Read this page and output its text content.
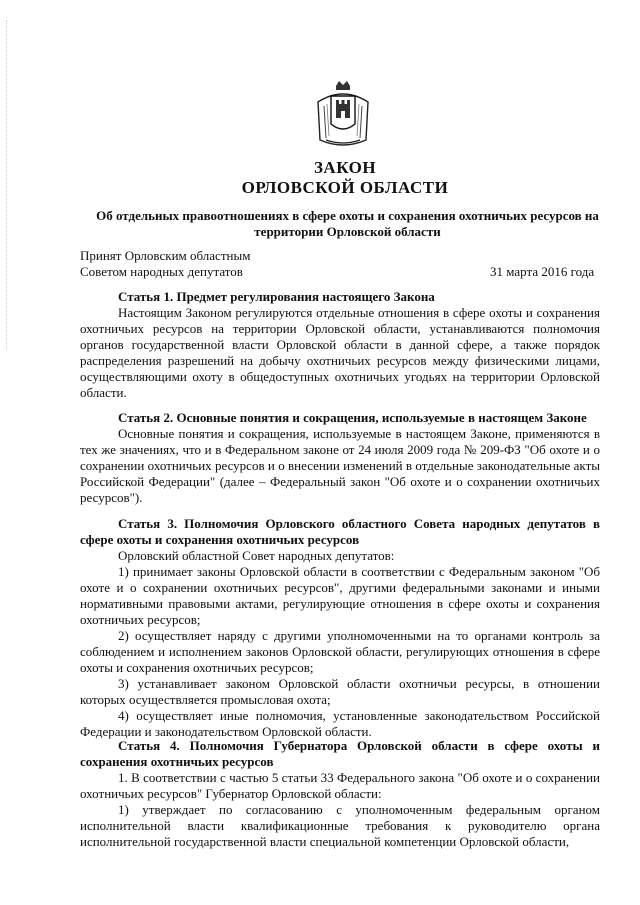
ЗАКОН
ОРЛОВСКОЙ ОБЛАСТИ
Об отдельных правоотношениях в сфере охоты и сохранения охотничьих ресурсов на территории Орловской области
Принят Орловским областным
Советом народных депутатов	31 марта 2016 года
Статья 1. Предмет регулирования настоящего Закона

Настоящим Законом регулируются отдельные отношения в сфере охоты и сохранения охотничьих ресурсов на территории Орловской области, устанавливаются полномочия органов государственной власти Орловской области в данной сфере, а также порядок распределения разрешений на добычу охотничьих ресурсов между физическими лицами, осуществляющими охоту в общедоступных охотничьих угодьях на территории Орловской области.

Статья 2. Основные понятия и сокращения, используемые в настоящем Законе

Основные понятия и сокращения, используемые в настоящем Законе, применяются в тех же значениях, что и в Федеральном законе от 24 июля 2009 года № 209-ФЗ "Об охоте и о сохранении охотничьих ресурсов и о внесении изменений в отдельные законодательные акты Российской Федерации" (далее – Федеральный закон "Об охоте и о сохранении охотничьих ресурсов").

Статья 3. Полномочия Орловского областного Совета народных депутатов в сфере охоты и сохранения охотничьих ресурсов

Орловский областной Совет народных депутатов:

1) принимает законы Орловской области в соответствии с Федеральным законом "Об охоте и о сохранении охотничьих ресурсов", другими федеральными законами и иными нормативными правовыми актами, регулирующие отношения в сфере охоты и сохранения охотничьих ресурсов;

2) осуществляет наряду с другими уполномоченными на то органами контроль за соблюдением и исполнением законов Орловской области, регулирующих отношения в сфере охоты и сохранения охотничьих ресурсов;

3) устанавливает законом Орловской области охотничьи ресурсы, в отношении которых осуществляется промысловая охота;

4) осуществляет иные полномочия, установленные законодательством Российской Федерации и законодательством Орловской области.

Статья 4. Полномочия Губернатора Орловской области в сфере охоты и сохранения охотничьих ресурсов

1. В соответствии с частью 5 статьи 33 Федерального закона "Об охоте и о сохранении охотничьих ресурсов" Губернатор Орловской области:

1) утверждает по согласованию с уполномоченным федеральным органом исполнительной власти квалификационные требования к руководителю органа исполнительной государственной власти специальной компетенции Орловской области,
